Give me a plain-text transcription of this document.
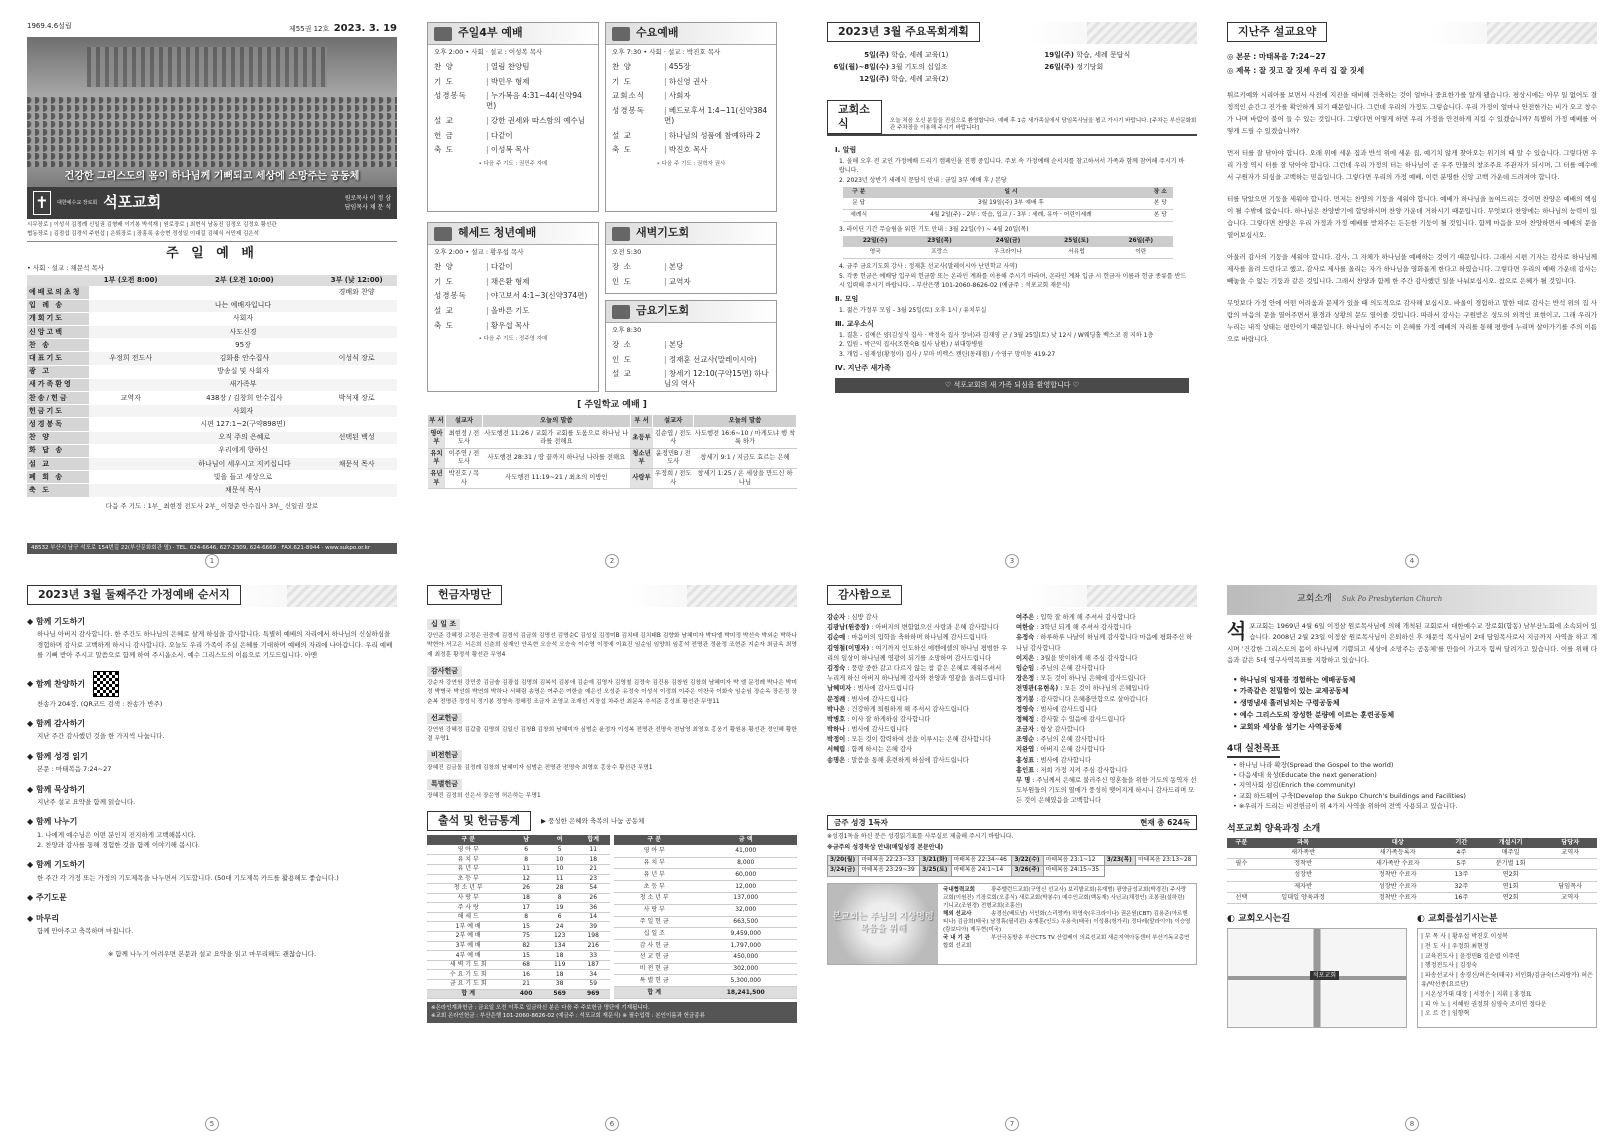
1969.4.6설립	제55권 12호 2023. 3. 19
건강한 그리스도의 몸이 하나님께 기뻐되고 세상에 소망주는 공동체
✝	대한예수교 장로회 석포교회	원로목사 이 정 삼
담임목사 채 문 석
시무장로 | 이성식 김정례 신일권 김형배 이기봉 박석재 | 원로장로 | 최현식 남동진 김정오 김정호 황선관
협동장로 | 김점섭 김경석 주헌섭 | 은퇴장로 | 장홍록 송승현 정성일 이대길 김혜식 서민제 김은석
주 일 예 배
• 사회 · 설교 : 채문석 목사
	1부 (오전 8:00)	2부 (오전 10:00)	3부 (낮 12:00)
예배로의초청			경배와 찬양
입 례 송	나는 예배자입니다		
개회기도	사회자		
신앙고백	사도신경		
찬 송	95장		
대표기도	우정희 전도사	김화용 안수집사	이성식 장로
광 고	방송실 및 사회자		
새가족환영	새가족부		
찬송/헌금	교역자	438장 / 김창희 안수집사	박석재 장로
헌금기도	사회자		
성경봉독	시편 127:1~2(구약898면)		
찬 양		오직 주의 은혜로	선택된 백성
화 답 송	우리에게 향하신		
설 교		하나님이 세우시고 지키십니다	채문석 목사
폐 회 송	빛을 들고 세상으로		
축 도	채문석 목사		
다음 주 기도 : 1부_ 최현정 전도사 2부_ 이형준 안수집사 3부_ 신일권 장로
48532 부산시 남구 석포로 154번길 22(부산문화회관 옆) · TEL. 624-6646, 627-2309, 624-6669 · FAX.621-8944 · www.sukpo.or.kr
1
주일4부 예배
오후 2:00 • 사회 · 설교 : 이성복 목사
찬 양	| 열림 찬양팀
기 도	| 박민우 형제
성경봉독	| 누가복음 4:31~44(신약94면)
설 교	| 강한 권세와 따스함의 예수님
헌 금	| 다같이
축 도	| 이성복 목사
• 다음 주 기도 : 권민주 자매
수요예배
오후 7:30 • 사회 · 설교 : 박진호 목사
찬 양	| 455장
기 도	| 하신영 권사
교회소식	| 사회자
성경봉독	| 베드로후서 1:4~11(신약384면)
설 교	| 하나님의 성품에 참예하라 2
축 도	| 박진호 목사
• 다음 주 기도 : 권혁자 권사
헤세드 청년예배
오후 2:00 • 설교 : 황우섭 목사
찬 양	| 다같이
기 도	| 채은환 형제
성경봉독	| 야고보서 4:1~3(신약374면)
설 교	| 올바른 기도
축 도	| 황우섭 목사
• 다음 주 기도 : 정주영 자매
새벽기도회
오전 5:30
장 소	| 본당
인 도	| 교역자
금요기도회
오후 8:30
장 소	| 본당
인 도	| 정재훈 선교사(말레이시아)
설 교	| 창세기 12:10(구약15면) 하나님의 역사
[ 주일학교 예배 ]
부 서	설교자	오늘의 말씀	부 서	설교자	오늘의 말씀
영아부	최현정 / 전도사	사도행전 11:26 / 교회가 교회를 도움으로 하나님 나라를 전해요	초등부	김순엽 / 전도사	사도행전 16:6~10 / 마게도냐 행 착륙 하가
유치부	이주연 / 전도사	사도행전 28:31 / 땅 끝까지 하나님 나라를 전해요	청소년부	윤정민B / 전도사	창세기 9:1 / 지금도 효르는 은혜
유년부	박진호 / 목 사	사도행전 11:19~21 / 최초의 이방인	사랑부	우정희 / 전도사	창세기 1:25 / 온 세상을 만드신 하나님
2
2023년 3월 주요목회계획
5일(주) 학습, 세례 교육(1)
6일(월)~8일(수) 3월 기도의 십일조
12일(주) 학습, 세례 교육(2)
19일(주) 학습, 세례 문답식
26일(주) 정기당회
교회소식	오늘 처음 오신 분들을 진심으로 환영합니다. 예배 후 1층 새가족실에서 담임목사님을 뵙고 가시기 바랍니다. [주차는 부산문화회관 주차장을 이용해 주시기 바랍니다]
Ⅰ. 알림

1. 올해 오후 전 교인 가정예배 드리기 캠페인을 진행 중입니다. 주보 속 가정예배 순서지를 참고하셔서 가족과 함께 참여해 주시기 바랍니다.

2. 2023년 상반기 세례식 문답식 안내 : 금일 3부 예배 후 / 본당

구 분	일 시	장 소
문 답	3월 19일(주) 3부 예배 후	본 당
세례식	4월 2일(주) - 2부 : 학습, 입교 / - 3부 : 세례, 유아 · 어린이세례	본 당

3. 라이딘 기간 무슬림을 위한 기도 안내 : 3월 22일(수) ~ 4월 20일(목)

22일(수)	23일(목)	24일(금)	25일(토)	26일(주)
영국	프랑스	우크라이나	서유럽	이란

4. 금주 금요기도회 강사 : 정재훈 선교사(말레이시아 난민학교 사역)

5. 각종 헌금은 예배당 입구의 헌금함 또는 온라인 계좌를 이용해 주시기 바라며, 온라인 계좌 입금 시 헌금자 이름과 헌금 종류를 반드시 입력해 주시기 바랍니다. - 부산은행 101-2060-8626-02 (예금주 : 석포교회 재문식)

Ⅱ. 모임

1. 젊은 가정부 모임 - 3월 25일(토) 오후 1시 / 유치부실

Ⅲ. 교우소식

1. 결혼 - 김예은 양(김성식 집사 · 박정숙 집사 장녀)과 김재영 군 / 3월 25일(토) 낮 12시 / W웨딩홀 벡스코 점 지하 1층

2. 입원 - 박근익 집사(조현숙B 집사 남편) / 위대항병원

3. 개업 - 임재성(황정이) 집사 / 부마 비렉스 캔틴(동래점) / 수영구 망미동 419-27

Ⅳ. 지난주 새가족
♡ 석포교회의 새 가족 되심을 환영합니다 ♡
3
지난주 설교요약
◎ 본문 : 마태복음 7:24~27
◎ 제목 : 잘 짓고 잘 짓세 우리 집 잘 짓세

튀르키예와 시리아를 보면서 사전에 지진을 대비해 건축하는 것이 얼마나 중요한가를 알게 됐습니다. 평상시에는 아무 일 없어도 결정적인 순간그 진가를 확인하게 되기 때문입니다. 그런데 우리의 가정도 그렇습니다. 우리 가정이 얼마나 안전한가는 비가 오고 창수가 나며 바람이 불어 들 수 있는 것입니다. 그렇다면 어떻게 하면 우리 가정을 안전하게 지킬 수 있겠습니까? 특별히 가정 예배를 어떻게 드릴 수 있겠습니까?

먼저 터를 잘 닦아야 합니다. 오래 위에 세운 집과 반석 위에 세운 집, 예기치 않게 찾아오는 위기의 때 알 수 있습니다. 그렇다면 우리 가정 역시 터를 잘 닦아야 합니다. 그런데 우리 가정의 터는 하나님이 곧 우주 만물의 창조주요 주관자가 되시며, 그 터를 예수에서 구원자가 되심을 고백하는 믿음입니다. 그렇다면 우리의 가정 예배, 이런 분명한 신앙 고백 가운데 드려져야 합니다.

터를 닦았으면 기둥을 세워야 합니다. 먼저는 찬양의 기둥을 세워야 합니다. 예배가 하나님을 높여드리는 것이면 찬양은 예배의 핵심이 될 수밖에 없습니다. 하나님은 찬양받기에 합당하시며 찬양 가운데 거하시기 때문입니다. 무엇보다 찬양에는 하나님의 능력이 있습니다. 그렇다면 찬양은 우리 가정과 가정 예배를 받쳐주는 든든한 기둥이 될 것입니다. 함께 마음을 모아 찬양하면서 예배의 문을 열어보십시오.

아울러 감사의 기둥을 세워야 합니다. 감사, 그 자체가 하나님을 예배하는 것이기 때문입니다. 그래서 시편 기자는 감사로 하나님께 제사를 올려 드린다고 했고, 감사로 제사를 올리는 자가 하나님을 영화롭게 한다고 하였습니다. 그렇다면 우리의 예배 가운데 감사는 빼놓을 수 없는 기둥과 같은 것입니다. 그래서 찬양과 함께 한 주간 감사했던 일을 나눠보십시오. 참으로 은혜가 될 것입니다.

무엇보다 가정 안에 어떤 어려움과 문제가 있을 때 의도적으로 감사해 보십시오. 바울이 경험하고 말한 대로 감사는 반석 위의 집 사람의 마음의 문을 열어주면서 환경과 상황의 문도 열어줄 것입니다. 따라서 감사는 구원받은 성도의 외적인 표현이고, 그래 우리가 누리는 내적 상태는 평안이기 때문입니다. 하나님이 주시는 이 은혜를 가정 예배의 자리를 통해 평생에 누리며 살아가기를 주의 이름으로 바랍니다.

4
2023년 3월 둘째주간 가정예배 순서지
◆ 함께 기도하기

하나님 아버지 감사합니다. 한 주간도 하나님의 은혜로 살게 하심을 감사합니다. 특별히 예배의 자리에서 하나님의 신실하심을 경험하며 감사로 고백하게 하시니 감사합니다. 오늘도 우리 가족이 주실 은혜를 기대하며 예배의 자리에 나아갑니다. 우리 예배를 기뻐 받아 주시고 말씀으로 함께 하여 주시옵소서. 예수 그리스도의 이름으로 기도드립니다. 아멘

◆ 함께 찬양하기

찬송가 204장, (QR코드 검색 : 찬송가 반주)

◆ 함께 감사하기

지난 주간 감사했던 것을 한 가지씩 나눕니다.

◆ 함께 성경 읽기

본문 : 마태복음 7:24~27

◆ 함께 묵상하기

지난주 설교 요약을 함께 읽습니다.

◆ 함께 나누기

1. 나에게 예수님은 어떤 분인지 진지하게 고백해봅시다.

2. 찬양과 감사를 통해 경험한 것을 함께 이야기해 봅시다.

◆ 함께 기도하기

한 주간 각 가정 또는 가정의 기도제목을 나누면서 기도합니다. (50대 기도제목 카드를 활용해도 좋습니다.)

◆ 주기도문
◆ 마무리

함께 안아주고 축복하며 마칩니다.

※ 함께 나누기 어려우면 본문과 설교 요약을 읽고 마무리해도 괜찮습니다.
5
헌금자명단
십 일 조

강인준 강혜정 고정은 권중예 김경석 김금희 김명선 김명순C 김성실 김정미B 김치태 김치태B 김향화 남혜미자 박다엘 박미정 박선숙 박외순 박하나 박현아 서고은 서은희 신춘희 심재인 안옥현 오승석 오승숙 이수영 이정예 이효진 임순임 임양희 임홍석 전명관 정윤정 조현준 지순자 최금옥 최영재 최정훈 황정석 황선관 무명4

감사헌금

강순자 강연원 강민중 김금솔 김광섭 김명희 김복석 김봉애 김순예 김영자 김영철 김정숙 김진용 김창원 김창희 남혜미자 박 엘 문정례 박나은 박미정 박병국 박선희 박연희 박하나 서혜림 송명은 여주은 여한슬 예은선 오성준 유정숙 이성식 이정희 이주은 이찬국 이화숙 임순임 장순옥 장은정 장춘복 전명관 정성식 정기봉 정영숙 정혜정 조금자 조영교 조재선 지장섭 차주선 최문옥 추석준 홍성표 황선관 무명11

선교헌금

강연원 강혜정 김갑출 김명희 김일신 김창B 김창희 남혜미자 심범순 윤정자 이성복 전명관 전명숙 전남영 최영호 홍웅기 황원용 황선관 정인혜 황한결 무명1

비전헌금

장혜진 김금돌 김정례 김창희 남혜미자 심범순 전명관 전명숙 최영호 홍웅수 황선관 무명1

특별헌금

장혜진 김정희 신은서 장은영 허은하는 무명1

출석 및 헌금통계	▶ 풍성한 은혜와 축복의 나눔 공동체
구 분	남	여	합계
영 아 부	6	5	11
유 치 부	8	10	18
유 년 부	11	10	21
초 등 부	12	11	23
청 소 년 부	26	28	54
사 랑 부	18	8	26
주 사 랑	17	19	36
해 세 드	8	6	14
1부 예 배	15	24	39
2부 예 배	75	123	198
3부 예 배	82	134	216
4부 예 배	15	18	33
새 벽 기 도 회	68	119	187
수 요 기 도 회	16	18	34
금 요 기 도 회	21	38	59
합 계	400	569	969
구 분	금 액
영 아 부	41,000
유 치 부	8,000
유 년 부	60,000
초 등 부	12,000
청 소 년 부	137,000
사 랑 부	32,000
주 일 헌 금	663,500
십 일 조	9,459,000
감 사 헌 금	1,797,000
선 교 헌 금	450,000
비 전 헌 금	302,000
특 별 헌 금	5,300,000
합 계	18,241,500
※온라인계좌헌금 : 금요일 오전 이후로 입금하신 분은 다음 주 주보헌금 명단에 기재됩니다.
※교회 온라인헌금 : 부산은행 101-2060-8626-02 (예금주 : 석포교회 재문식) ※ 필수입력 : 본인이름과 헌금종류
6
감사함으로
강순자 : 심방 감사
김광남(원중장) : 아버지의 변함없으신 사랑과 은혜 감사합니다
김순예 : 마음이의 입학을 축하하며 하나님께 감사드립니다
김영철(이명자) : 여기까지 인도하신 에벤에셀의 하나님 평범한 우리의 일상이 하나님께 영광이 되기를 소망하며 감사드립니다
김정숙 : 풍랑 중한 갈고 다르지 않는 참 같은 은혜로 재워주셔서 누리게 하신 아버지 하나님께 감사와 찬양과 영광을 올려드립니다
남혜미자 : 범사에 감사드립니다
문정례 : 범사에 감사드립니다
박나은 : 건강하게 퇴원하게 해 주셔서 감사드립니다
박병호 : 이사 잘 하게하심 감사합니다
박하나 : 범사에 감사드립니다
박정이 : 모든 것이 합력하여 선을 이루시는 은혜 감사합니다
서혜림 : 함께 하시는 은혜 감사
송명은 : 말씀을 통해 훈련하게 하심에 감사드립니다
여주은 : 입학 잘 하게 해 주셔서 감사합니다
여한슬 : 3학년 되게 해 주셔서 감사합니다
유정숙 : 하루하루 나날이 하님께 감사합니다 마음에 평화주신 하나님 감사합니다
이지은 : 3월을 맞이하게 해 주심 감사합니다
임순임 : 주님의 은혜 감사합니다
장은정 : 모든 것이 하나님 은혜에 감사드립니다
전명관(유현옥) : 모든 것이 하나님의 은혜입니다
정기봉 : 감사합니다 은혜충만합으로 살아갑니다
정영숙 : 범사에 감사드립니다
정혜정 : 감사할 수 있음에 감사드립니다
조금자 : 항상 감사합니다
조영순 : 주님의 은혜 감사합니다
지완엽 : 아버지 은혜 감사합니다
홍성표 : 범사에 감사합니다
홍인표 : 저희 가정 지켜 주심 감사합니다
무 명 : 주님께서 은혜로 불러주신 영혼들을 위한 기도의 동역자 선도부원들의 기도의 열매가 풍성히 맺어지게 하시니 감사드리며 모든 것이 은혜였음을 고백합니다
금주 성경 1독자	현재 총 624독
※성경1독을 하신 분은 성경읽기표를 사무실로 제출해 주시기 바랍니다.
※금주의 성경묵상 안내(매일성경 본문안내)
3/20(월)	마태복음 22:23~33	3/21(화)	마태복음 22:34~46	3/22(수)	마태복음 23:1~12	3/23(목)	마태복음 23:13~28
3/24(금)	마태복음 23:29~39	3/25(토)	마태복음 24:1~14	3/26(주)	마태복음 24:15~35		
본교회는 주님의 지상명령 복음을 위해
국내협력교회	광주밸런드교회(구영신 선교사) 보리밭교회(유재범) 광양금성교회(박경진) 주사랑교회(이원진) 기장로회(오종식) 새로교회(박봉수) 예수인교회(백동재) 사닌교(채정인) 조봉권(설하린) 기니교(조원경) 전형교회(조홍산)
해외 선교사	송경신(베트남) 서인화(스리랑카) 하영숙(우크라이나) 권은원(CBT) 김용준(아르헨티나) 김금희(태국) 남정휴(필리핀) 송재훈(인도) 우용숙(태국) 이성룡(헝가리) 정다레(말라이야) 이승영(캄보디아) 제두현(미국)
국 내 기 관	부산극동방송 부산CTS TV 산업베이 의료선교회 새순지역아동센터 부산기독교총연합회 선교회
7
교회소개 Suk Po Presbyterian Church
석포교회는 1969년 4월 6일 이정삼 원로목사님에 의해 개척된 교회로서 대한예수교 장로회(합동) 남부산노회에 소속되어 있습니다. 2008년 2월 23일 이정삼 원로목사님이 은퇴하신 후 채문석 목사님이 2대 담임목사로서 지금까지 사역을 하고 계시며 '건강한 그리스도의 몸이 하나님께 기쁨되고 세상에 소망주는 공동체'를 만들어 가고자 힘써 달려가고 있습니다. 이를 위해 다음과 같은 5대 영구사역목표를 지향하고 있습니다.
• 하나님의 임재를 경험하는 예배공동체
• 가족같은 친밀함이 있는 교제공동체
• 생명냄새 흘러넘치는 구령공동체
• 예수 그리스도의 장성한 분량에 이르는 훈련공동체
• 교회와 세상을 섬기는 사역공동체
4대 실천목표
• 하나님 나라 확장(Spread the Gospel to the world)
• 다음세대 육성(Educate the next generation)
• 지역사회 섬김(Enrich the community)
• 교회 하드웨어 구축(Develop the Sukpo Church's buildings and Facilities)
• ※우리가 드리는 비전헌금이 위 4가지 사역을 위하여 전액 사용되고 있습니다.
석포교회 양육과정 소개
구분	과목	대상	기간	개설시기	담당자
	새가족반	새가족등록자	4주	매주일	교역자
필수	정착반	새가족반 수료자	5주	분기별 1회	
	성장반	정착반 수료자	13주	연2회	
	제자반	성장반 수료자	32주	연1회	담임목사
선택	일대일 양육과정	정착반 수료자	16주	연2회	교역자
◐ 교회오시는길
석포교회
◐ 교회를섬기시는분
| 부 목 사 | 황우섭 박진호 이성복
| 전 도 사 | 우정희 최현정
| 교육전도사 | 윤정민B 김순엽 이주연
| 행정전도사 | 김정숙
| 파송선교사 | 송경신/허은숙(태국) 서인화/김금숙(스리랑카) 허은유/박선종(요르단)
| 시온성가대 대장 | 서정수 | 지휘 | 홍정표
| 피 아 노 | 서혜원 권정희 심영숙 조미연 정다운
| 오 르 간 | 임향혁
8
